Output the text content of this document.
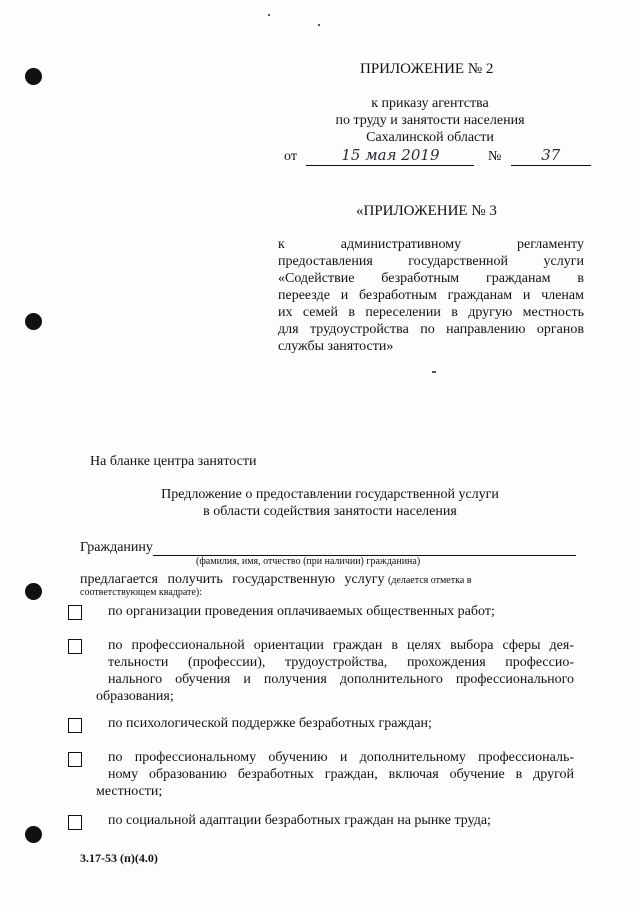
ПРИЛОЖЕНИЕ № 2
к приказу агентства
по труду и занятости населения
Сахалинской области
от	15 мая 2019	№	37
«ПРИЛОЖЕНИЕ № 3
к административному регламенту
предоставления государственной услуги
«Содействие безработным гражданам в
переезде и безработным гражданам и членам
их семей в переселении в другую местность
для трудоустройства по направлению органов
службы занятости»
На бланке центра занятости
Предложение о предоставлении государственной услуги
в области содействия занятости населения
Гражданину
(фамилия, имя, отчество (при наличии) гражданина)
предлагается получить государственную услугу (делается отметка в
соответствующем квадрате):
по организации проведения оплачиваемых общественных работ;
по профессиональной ориентации граждан в целях выбора сферы дея-
тельности (профессии), трудоустройства, прохождения профессио-
нального обучения и получения дополнительного профессионального
образования;
по психологической поддержке безработных граждан;
по профессиональному обучению и дополнительному профессиональ-
ному образованию безработных граждан, включая обучение в другой
местности;
по социальной адаптации безработных граждан на рынке труда;
3.17-53 (п)(4.0)
